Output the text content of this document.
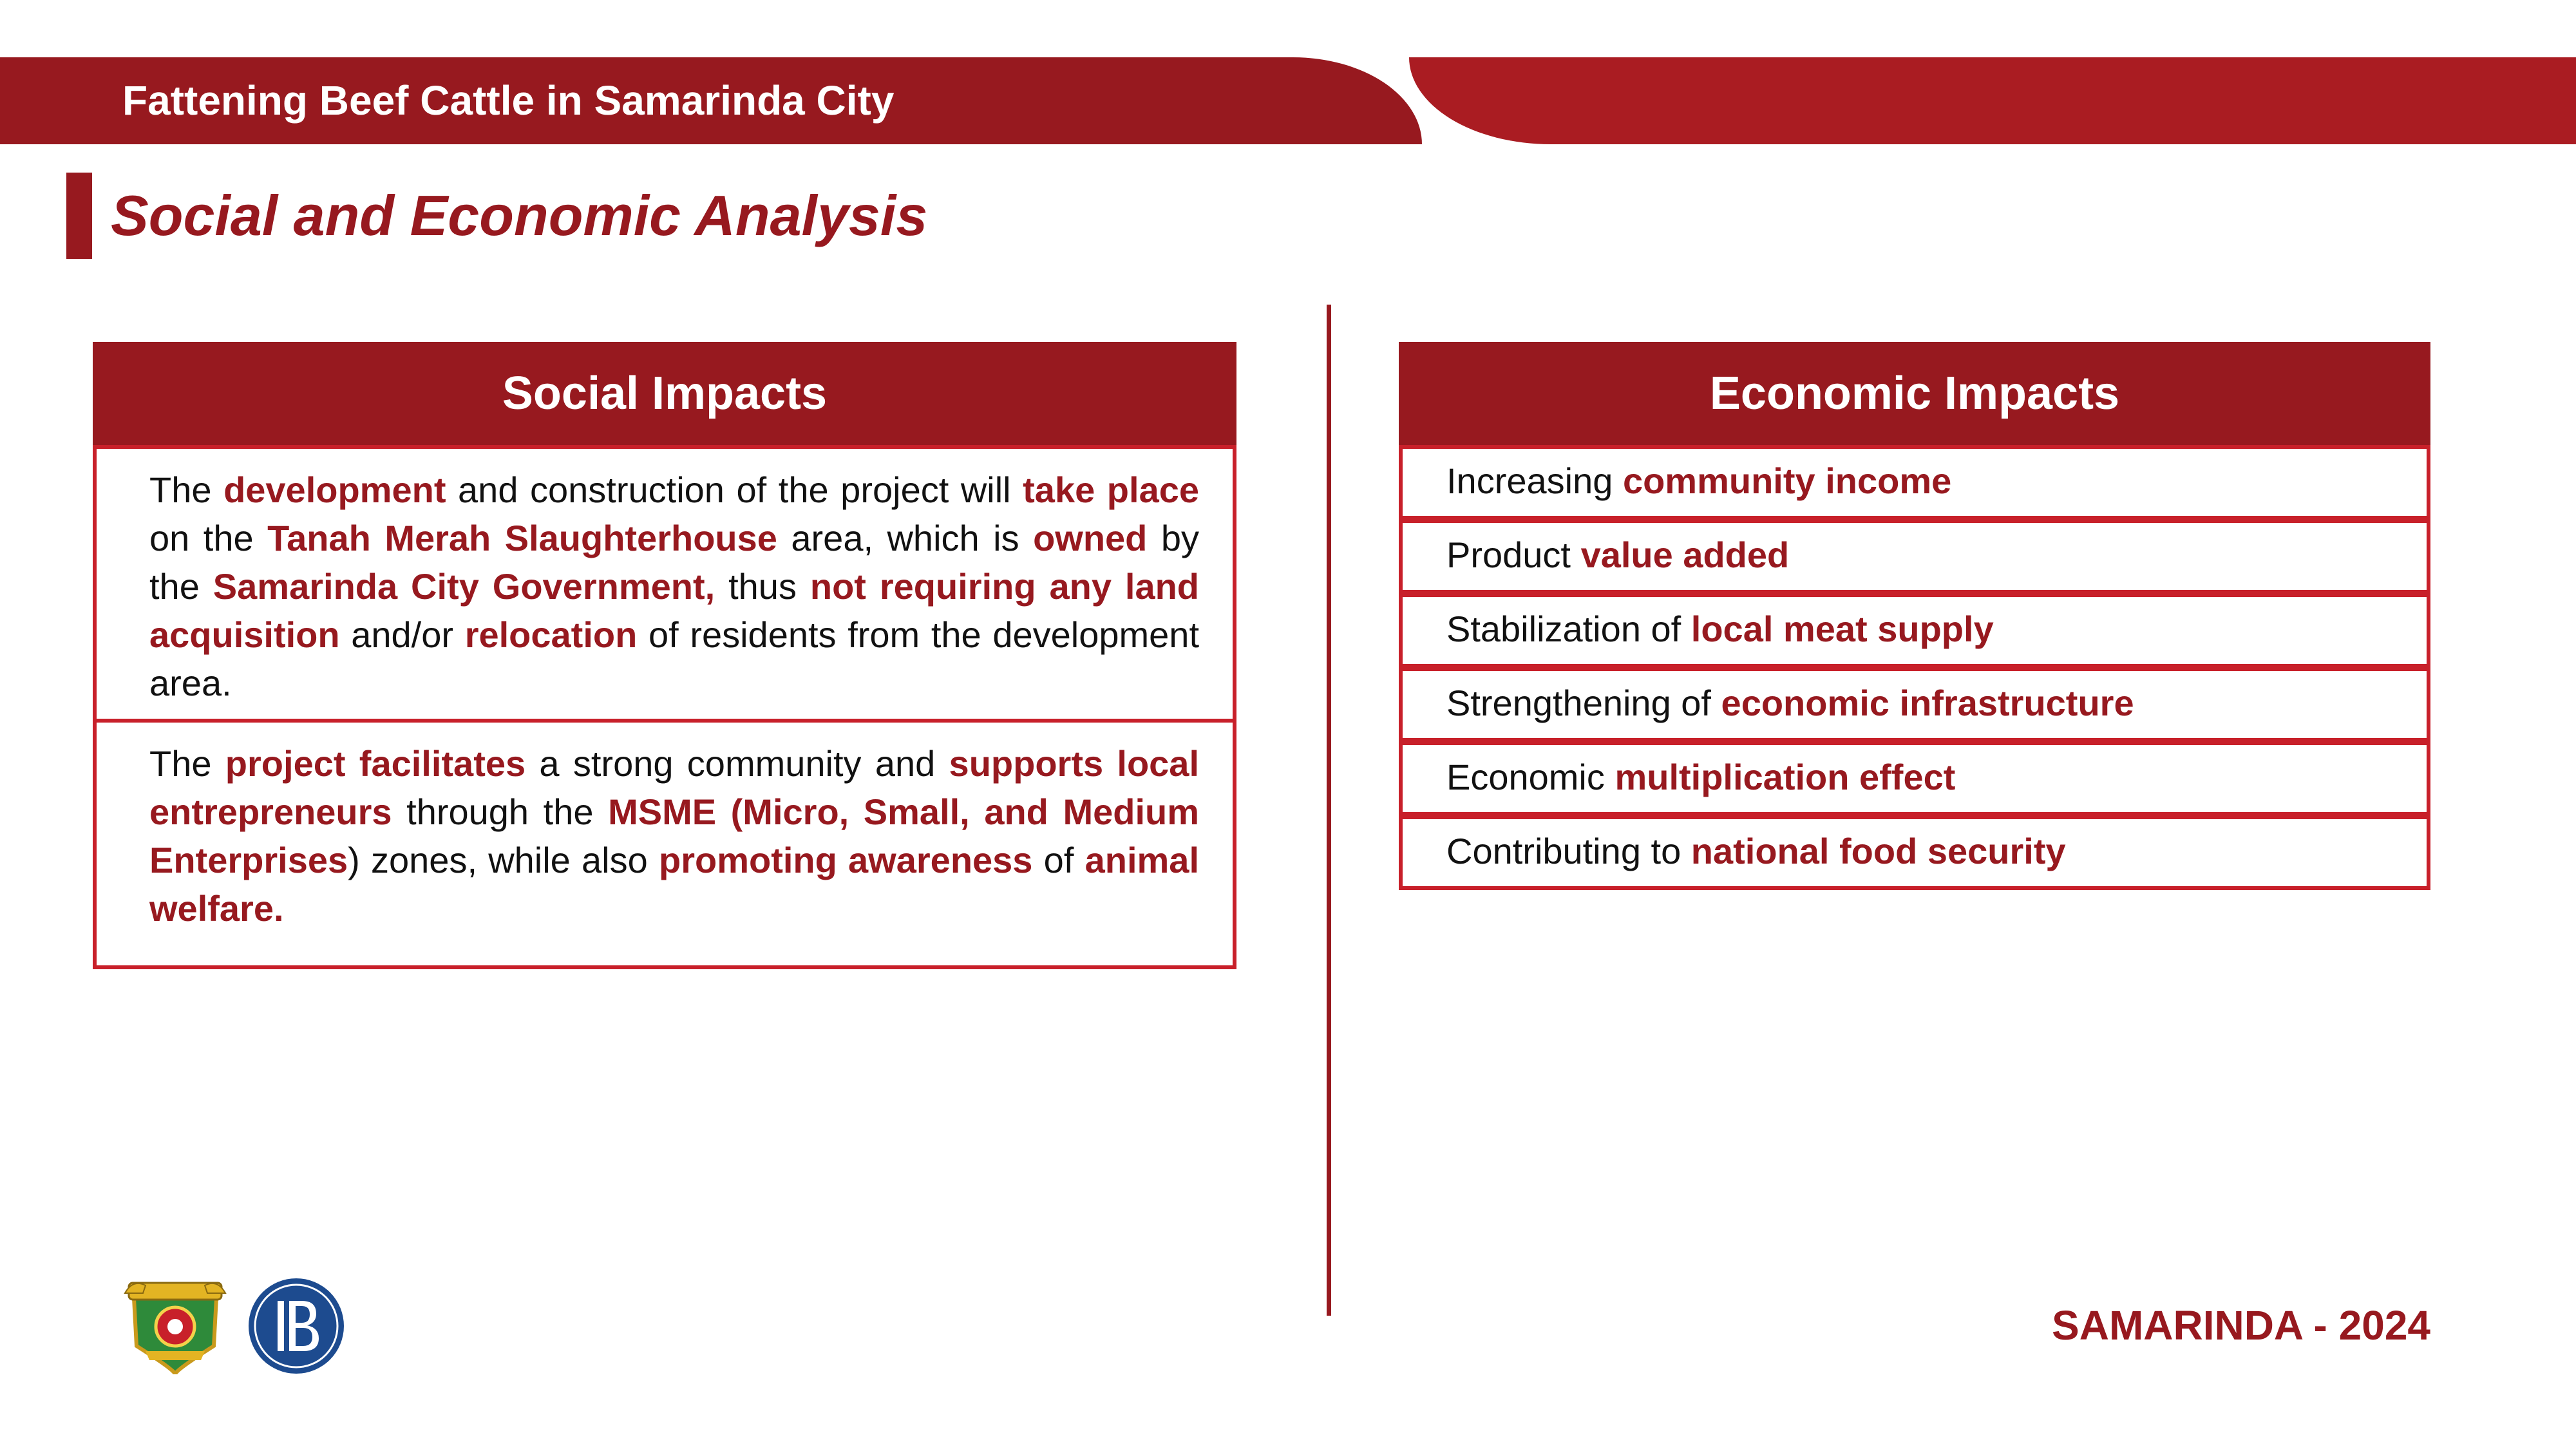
Fattening Beef Cattle in Samarinda City
Social and Economic Analysis
Social Impacts
The development and construction of the project will take place on the Tanah Merah Slaughterhouse area, which is owned by the Samarinda City Government, thus not requiring any land acquisition and/or relocation of residents from the development area.
The project facilitates a strong community and supports local entrepreneurs through the MSME (Micro, Small, and Medium Enterprises) zones, while also promoting awareness of animal welfare.
Economic Impacts
Increasing community income
Product value added
Stabilization of local meat supply
Strengthening of economic infrastructure
Economic multiplication effect
Contributing to national food security
SAMARINDA - 2024
